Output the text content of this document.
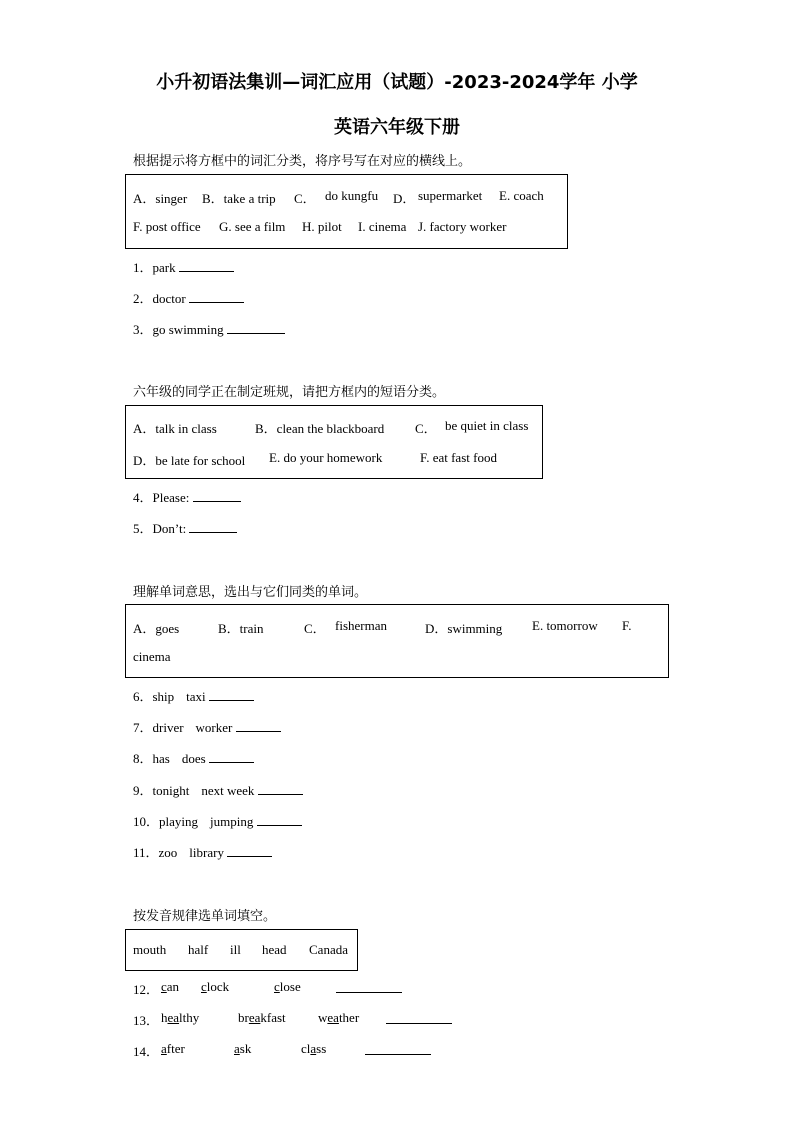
小升初语法集训—词汇应用（试题）-2023-2024学年 小学
英语六年级下册
根据提示将方框中的词汇分类，将序号写在对应的横线上。
A．singer B．take a trip C． do kungfu D． supermarket E. coach
F. post office G. see a film H. pilot I. cinema J. factory worker
1．park
2．doctor
3．go swimming
六年级的同学正在制定班规，请把方框内的短语分类。
A．talk in class	B．clean the blackboard C． be quiet in class
D．be late for school E. do your homework	F. eat fast food
4．Please:
5．Don’t:
理解单词意思，选出与它们同类的单词。
A．goes	B．train	C． fisherman	D．swimming E. tomorrow F.
cinema
6．ship taxi
7．driver worker
8．has does
9．tonight next week
10．playing jumping
11．zoo library
按发音规律选单词填空。
mouth half ill head Canada
12． can clock	close
13． healthy	breakfast weather
14． after	ask	class
